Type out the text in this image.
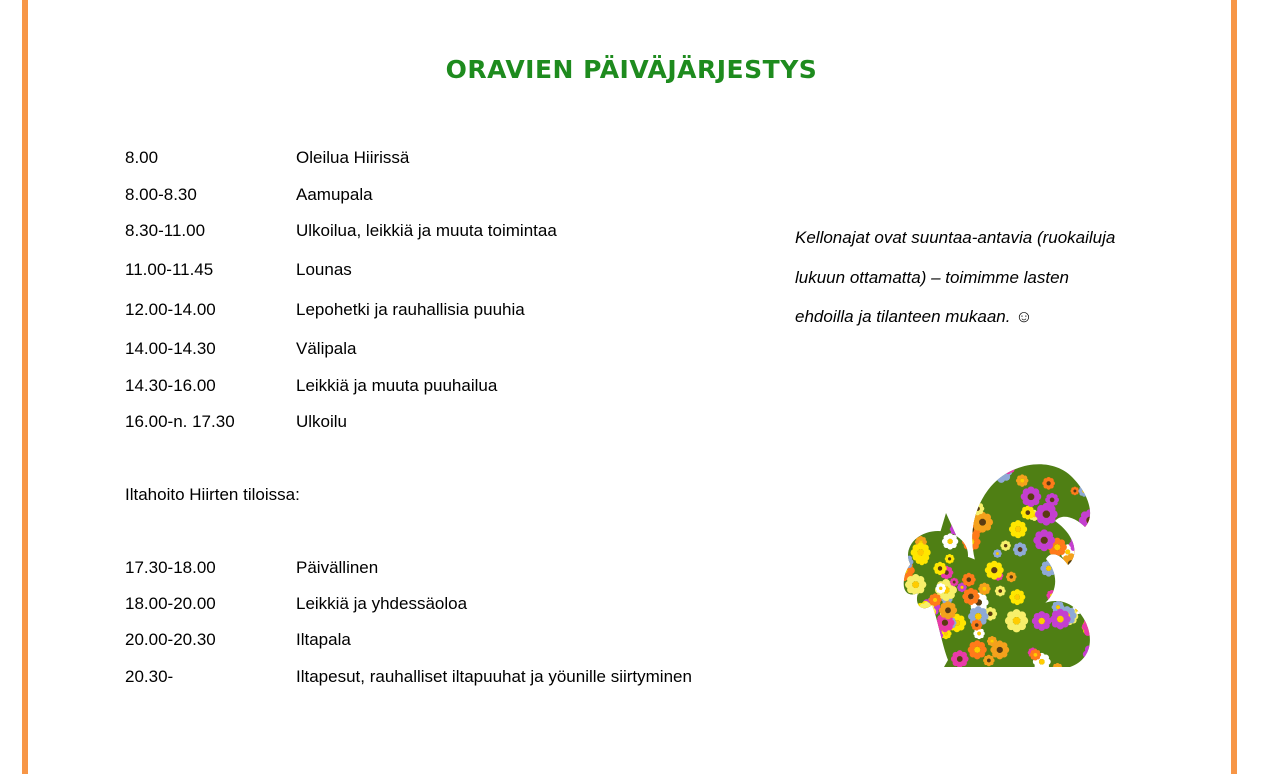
ORAVIEN PÄIVÄJÄRJESTYS
8.00	Oleilua Hiirissä
8.00-8.30	Aamupala
8.30-11.00	Ulkoilua, leikkiä ja muuta toimintaa
11.00-11.45	Lounas
12.00-14.00	Lepohetki ja rauhallisia puuhia
14.00-14.30	Välipala
14.30-16.00	Leikkiä ja muuta puuhailua
16.00-n. 17.30	Ulkoilu
Iltahoito Hiirten tiloissa:
17.30-18.00	Päivällinen
18.00-20.00	Leikkiä ja yhdessäoloa
20.00-20.30	Iltapala
20.30-	Iltapesut, rauhalliset iltapuuhat ja yöunille siirtyminen
Kellonajat ovat suuntaa-antavia (ruokailuja lukuun ottamatta) – toimimme lasten ehdoilla ja tilanteen mukaan. ☺
